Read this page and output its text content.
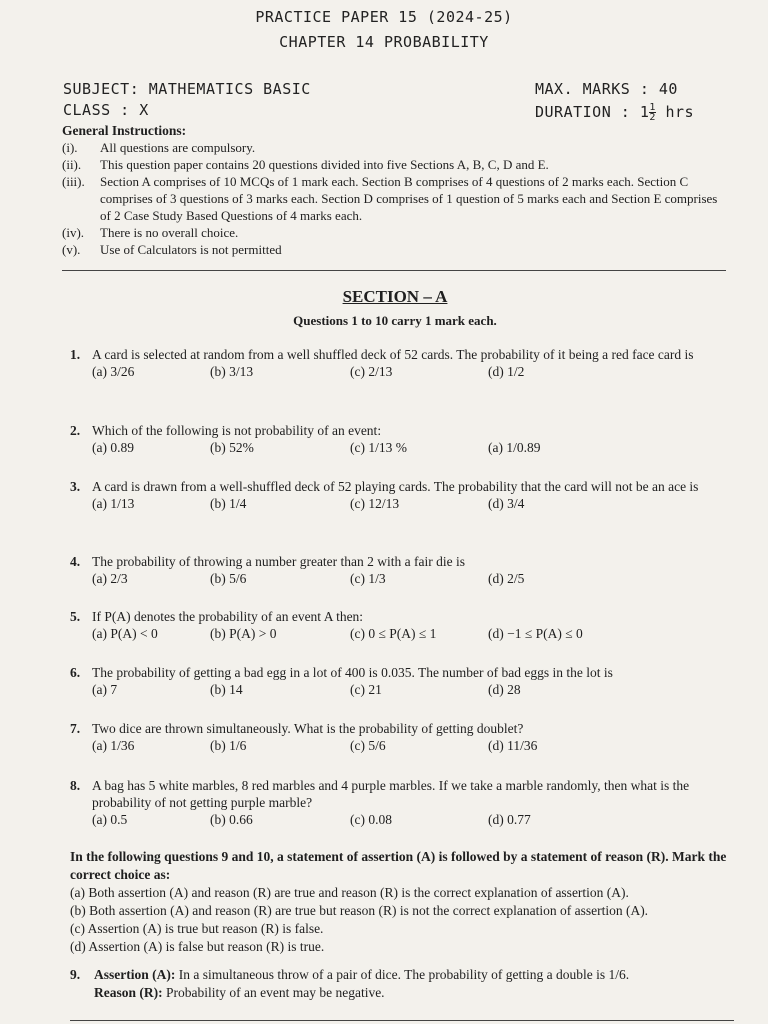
PRACTICE PAPER 15 (2024-25)
CHAPTER 14 PROBABILITY
SUBJECT: MATHEMATICS BASIC
CLASS : X
MAX. MARKS : 40
DURATION : $1 \frac{1}{2}$ hrs
General Instructions:
(i). All questions are compulsory.
(ii). This question paper contains 20 questions divided into five Sections A, B, C, D and E.
(iii). Section A comprises of 10 MCQs of 1 mark each. Section B comprises of 4 questions of 2 marks each. Section C comprises of 3 questions of 3 marks each. Section D comprises of 1 question of 5 marks each and Section E comprises of 2 Case Study Based Questions of 4 marks each.
(iv). There is no overall choice.
(v). Use of Calculators is not permitted
SECTION – A
Questions 1 to 10 carry 1 mark each.
1. A card is selected at random from a well shuffled deck of 52 cards. The probability of it being a red face card is
(a) 3/26	(b) 3/13	(c) 2/13	(d) 1/2
2. Which of the following is not probability of an event:
(a) 0.89	(b) 52%	(c) 1/13 %	(a) 1/0.89
3. A card is drawn from a well-shuffled deck of 52 playing cards. The probability that the card will not be an ace is
(a) 1/13	(b) 1/4	(c) 12/13	(d) 3/4
4. The probability of throwing a number greater than 2 with a fair die is
(a) 2/3	(b) 5/6	(c) 1/3	(d) 2/5
5. If P(A) denotes the probability of an event A then:
(a) P(A) < 0	(b) P(A) > 0	(c) 0 ≤ P(A) ≤ 1	(d) −1 ≤ P(A) ≤ 0
6. The probability of getting a bad egg in a lot of 400 is 0.035. The number of bad eggs in the lot is
(a) 7	(b) 14	(c) 21	(d) 28
7. Two dice are thrown simultaneously. What is the probability of getting doublet?
(a) 1/36	(b) 1/6	(c) 5/6	(d) 11/36
8. A bag has 5 white marbles, 8 red marbles and 4 purple marbles. If we take a marble randomly, then what is the probability of not getting purple marble?
(a) 0.5	(b) 0.66	(c) 0.08	(d) 0.77
In the following questions 9 and 10, a statement of assertion (A) is followed by a statement of reason (R). Mark the correct choice as:
(a) Both assertion (A) and reason (R) are true and reason (R) is the correct explanation of assertion (A).
(b) Both assertion (A) and reason (R) are true but reason (R) is not the correct explanation of assertion (A).
(c) Assertion (A) is true but reason (R) is false.
(d) Assertion (A) is false but reason (R) is true.
9. Assertion (A): In a simultaneous throw of a pair of dice. The probability of getting a double is 1/6.
Reason (R): Probability of an event may be negative.
